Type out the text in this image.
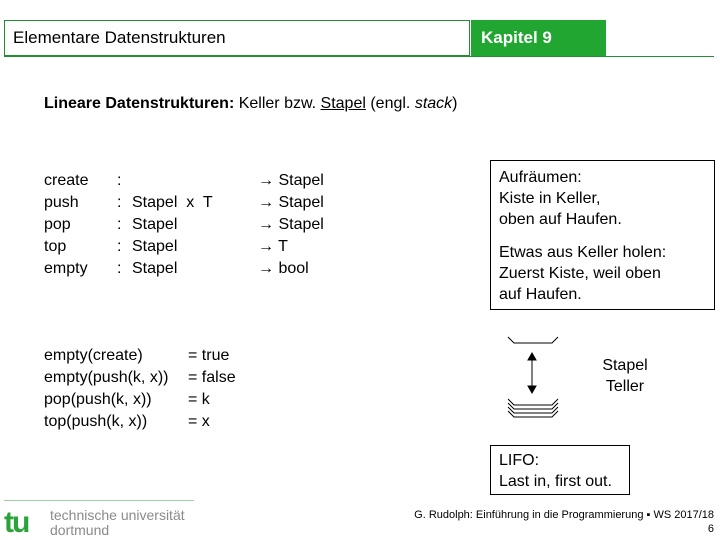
Elementare Datenstrukturen	Kapitel 9
Lineare Datenstrukturen: Keller bzw. Stapel (engl. stack)
create :	→ Stapel
push : Stapel  x  T	→ Stapel
pop	: Stapel	→ Stapel
top	: Stapel	→ T
empty : Stapel	→ bool

Aufräumen:
Kiste in Keller,
oben auf Haufen.

Etwas aus Keller holen:
Zuerst Kiste, weil oben
auf Haufen.

empty(create)	= true
empty(push(k, x)) = false
pop(push(k, x)) = k
top(push(k, x))	= x
Stapel
Teller
LIFO:
Last in, first out.
tu technische universität
dortmund
G. Rudolph: Einführung in die Programmierung ▪ WS 2017/18
6
